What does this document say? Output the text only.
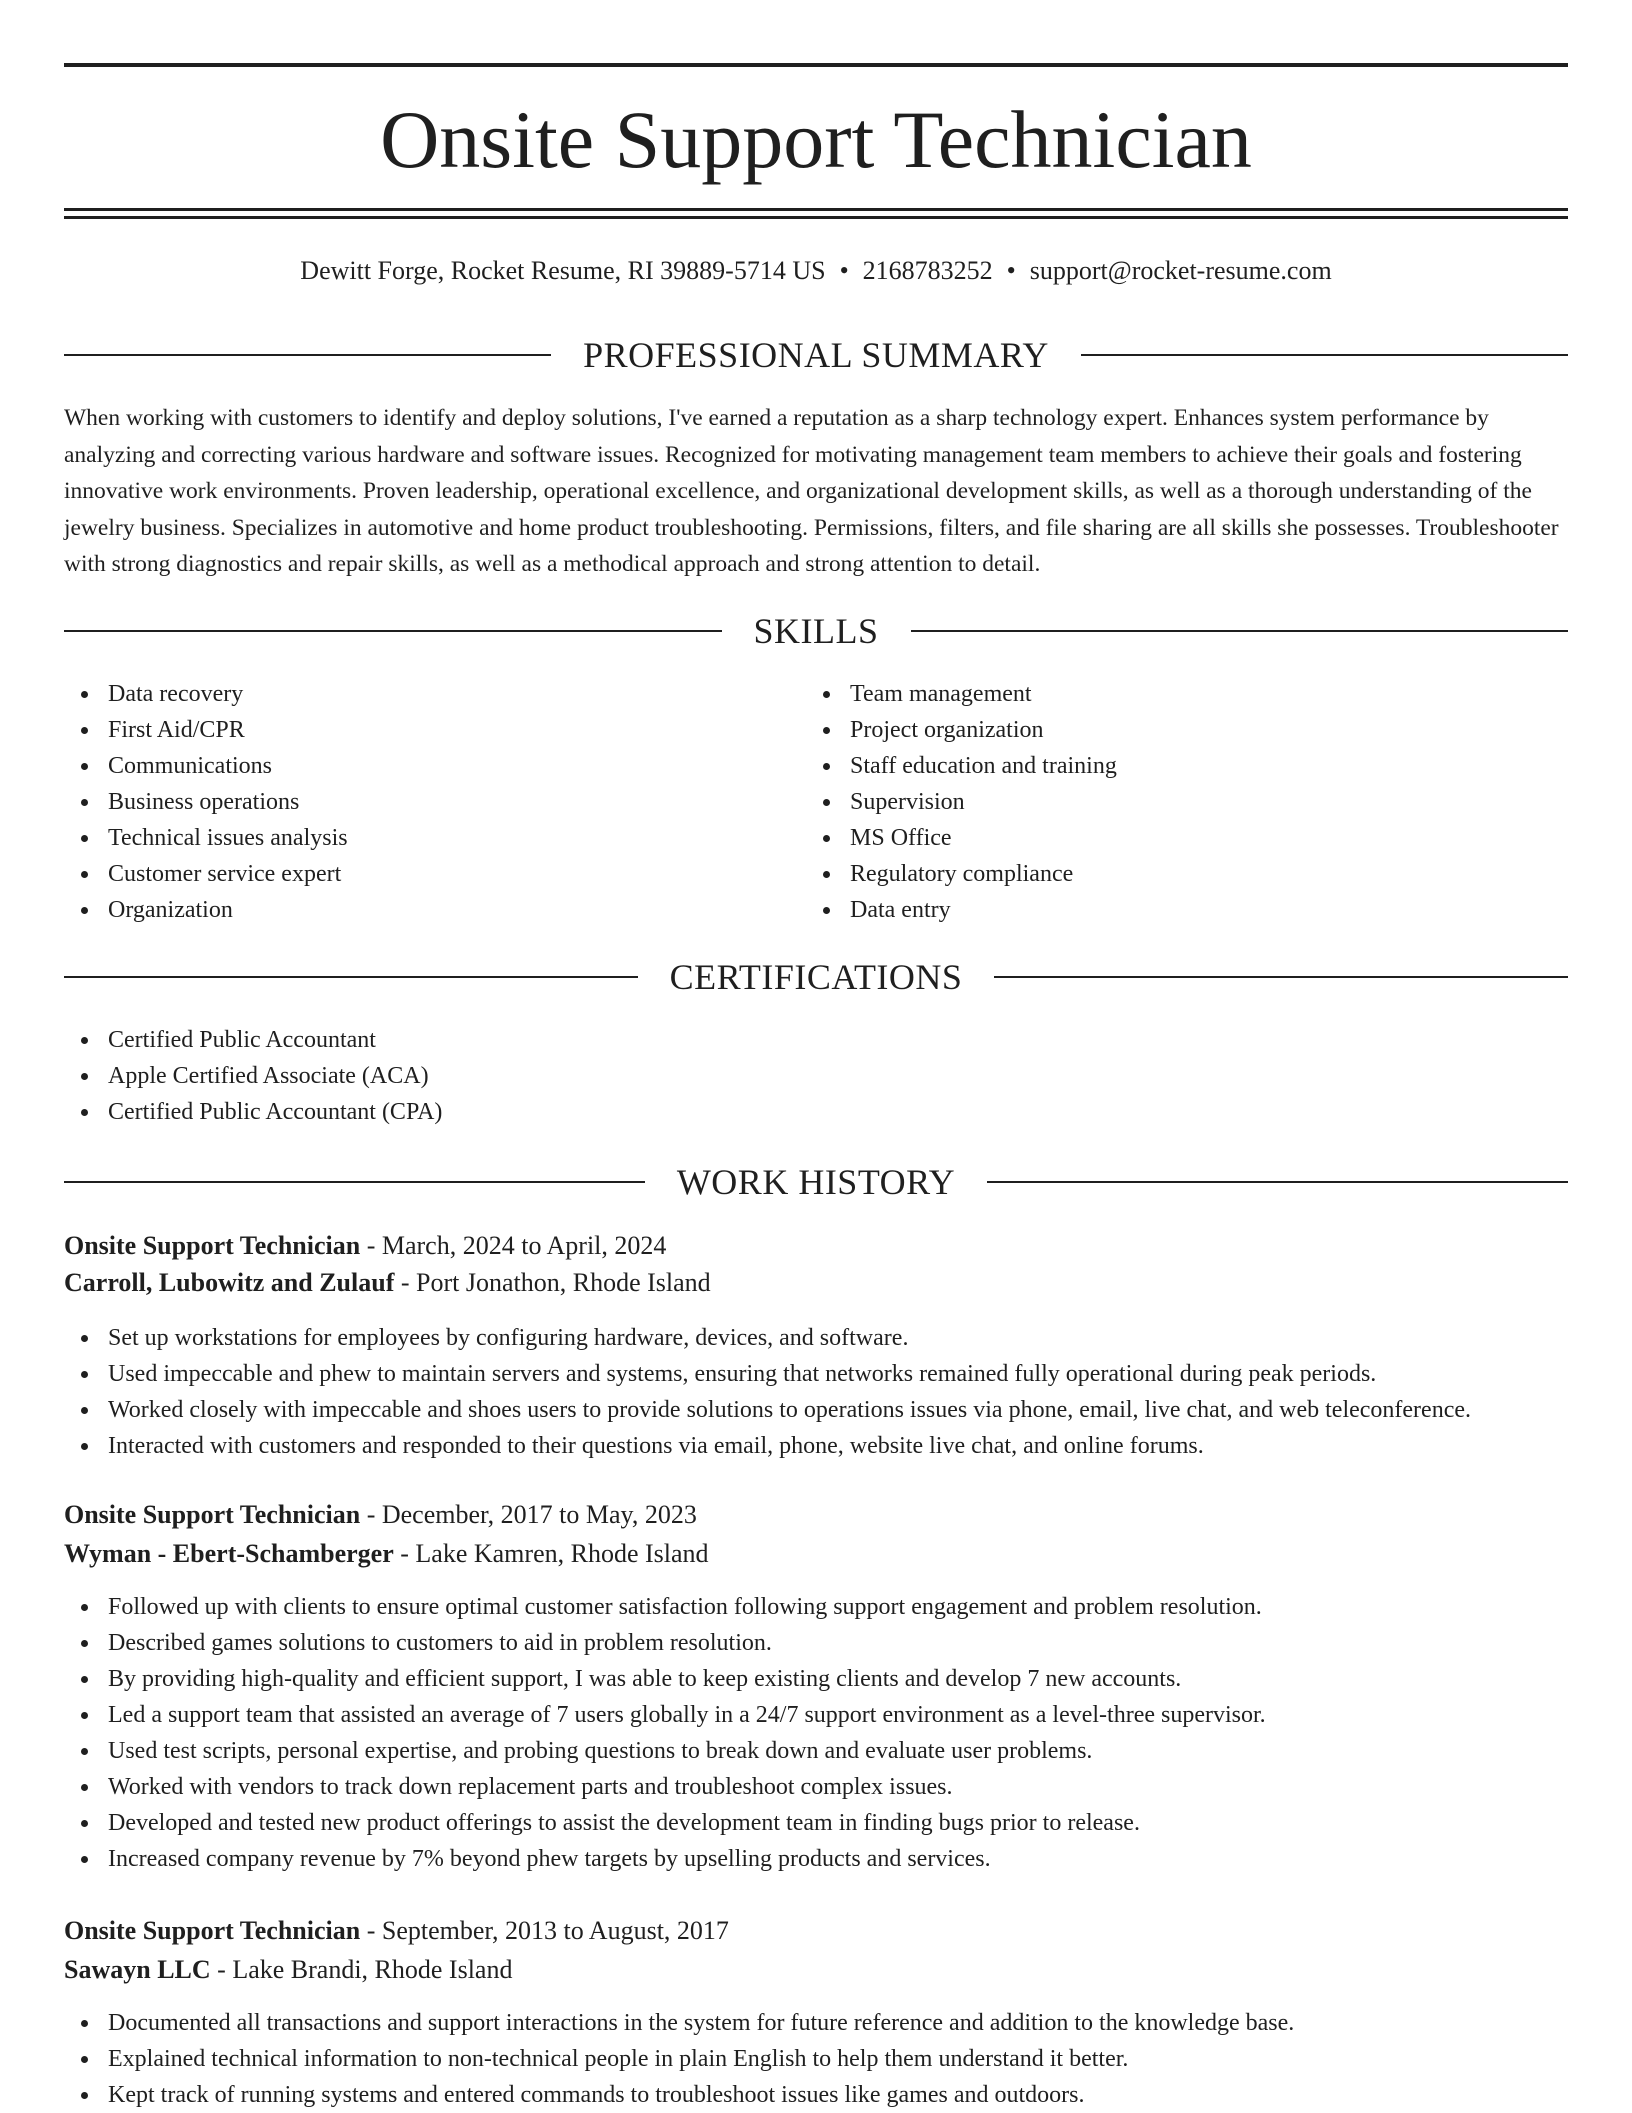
Onsite Support Technician
Dewitt Forge, Rocket Resume, RI 39889-5714 US • 2168783252 • support@rocket-resume.com
PROFESSIONAL SUMMARY

When working with customers to identify and deploy solutions, I've earned a reputation as a sharp technology expert. Enhances system performance by analyzing and correcting various hardware and software issues. Recognized for motivating management team members to achieve their goals and fostering innovative work environments. Proven leadership, operational excellence, and organizational development skills, as well as a thorough understanding of the jewelry business. Specializes in automotive and home product troubleshooting. Permissions, filters, and file sharing are all skills she possesses. Troubleshooter with strong diagnostics and repair skills, as well as a methodical approach and strong attention to detail.

SKILLS
Data recovery
First Aid/CPR
Communications
Business operations
Technical issues analysis
Customer service expert
Organization
Team management
Project organization
Staff education and training
Supervision
MS Office
Regulatory compliance
Data entry
CERTIFICATIONS
Certified Public Accountant
Apple Certified Associate (ACA)
Certified Public Accountant (CPA)
WORK HISTORY
Onsite Support Technician - March, 2024 to April, 2024
Carroll, Lubowitz and Zulauf - Port Jonathon, Rhode Island
Set up workstations for employees by configuring hardware, devices, and software.
Used impeccable and phew to maintain servers and systems, ensuring that networks remained fully operational during peak periods.
Worked closely with impeccable and shoes users to provide solutions to operations issues via phone, email, live chat, and web teleconference.
Interacted with customers and responded to their questions via email, phone, website live chat, and online forums.
Onsite Support Technician - December, 2017 to May, 2023
Wyman - Ebert-Schamberger - Lake Kamren, Rhode Island
Followed up with clients to ensure optimal customer satisfaction following support engagement and problem resolution.
Described games solutions to customers to aid in problem resolution.
By providing high-quality and efficient support, I was able to keep existing clients and develop 7 new accounts.
Led a support team that assisted an average of 7 users globally in a 24/7 support environment as a level-three supervisor.
Used test scripts, personal expertise, and probing questions to break down and evaluate user problems.
Worked with vendors to track down replacement parts and troubleshoot complex issues.
Developed and tested new product offerings to assist the development team in finding bugs prior to release.
Increased company revenue by 7% beyond phew targets by upselling products and services.
Onsite Support Technician - September, 2013 to August, 2017
Sawayn LLC - Lake Brandi, Rhode Island
Documented all transactions and support interactions in the system for future reference and addition to the knowledge base.
Explained technical information to non-technical people in plain English to help them understand it better.
Kept track of running systems and entered commands to troubleshoot issues like games and outdoors.
